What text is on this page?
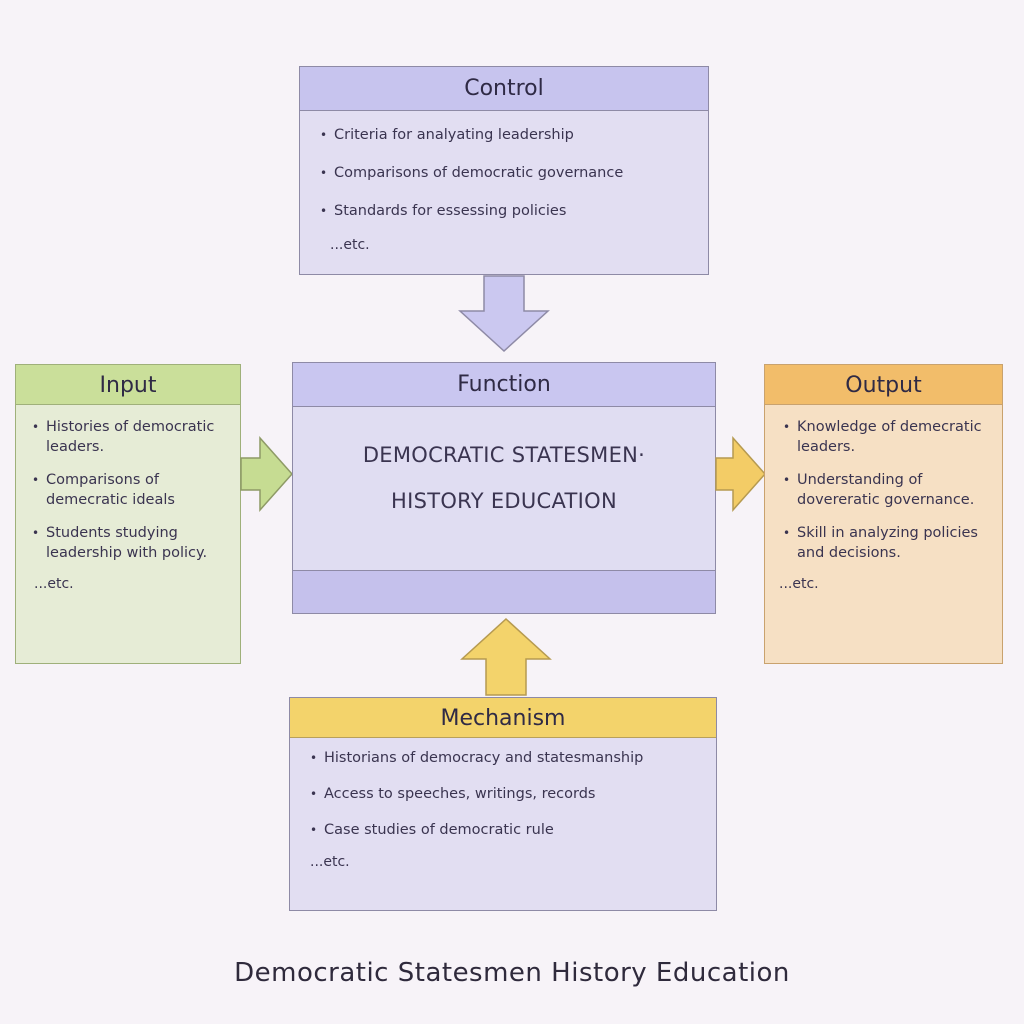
Control
• Criteria for analyating leadership
• Comparisons of democratic governance
• Standards for essessing policies
...etc.
Input
• Histories of democratic leaders.
• Comparisons of demecratic ideals
• Students studying leadership with policy.
...etc.
Function
DEMOCRATIC STATESMEN·
HISTORY EDUCATION
Output
• Knowledge of demecratic leaders.
• Understanding of dovereratic governance.
• Skill in analyzing policies and decisions.
...etc.
Mechanism
• Historians of democracy and statesmanship
• Access to speeches, writings, records
• Case studies of democratic rule
...etc.
Democratic Statesmen History Education
